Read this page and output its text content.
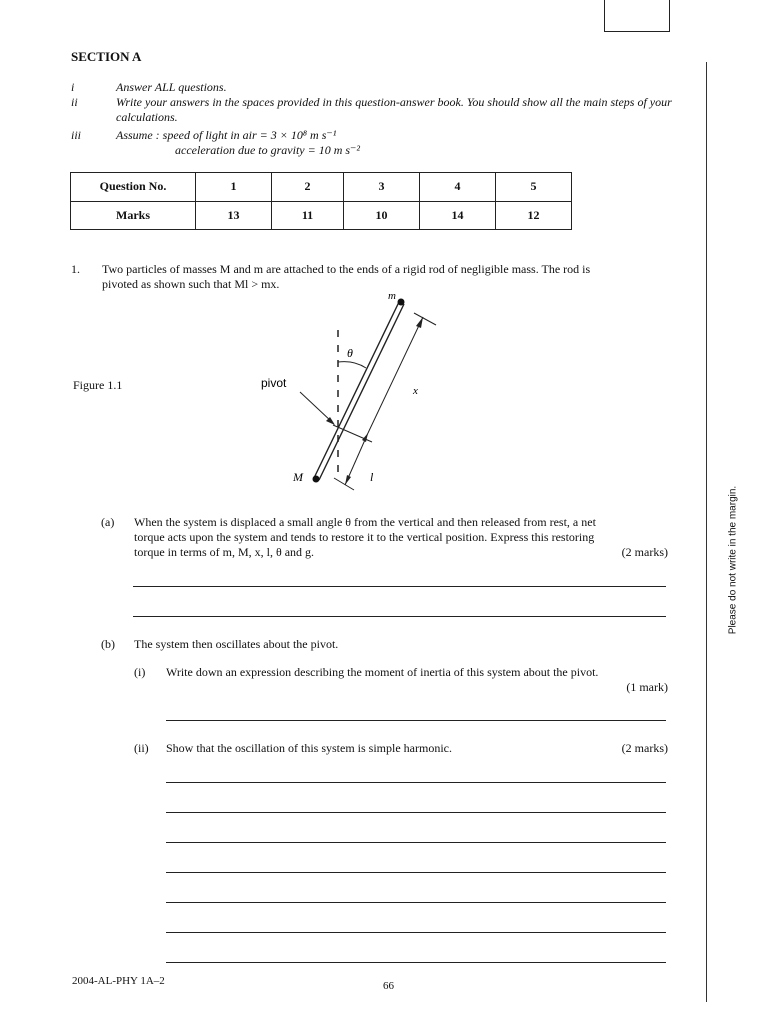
SECTION A
i	Answer ALL questions.
ii	Write your answers in the spaces provided in this question-answer book. You should show all the main steps of your calculations.
iii	Assume : speed of light in air = 3 × 10⁸ m s⁻¹
acceleration due to gravity = 10 m s⁻²
Question No.	1	2	3	4	5
Marks	13	11	10	14	12
1. Two particles of masses M and m are attached to the ends of a rigid rod of negligible mass. The rod is
pivoted as shown such that Ml > mx.
Figure 1.1
m
M
θ
x
l
pivot
(a) When the system is displaced a small angle θ from the vertical and then released from rest, a net
torque acts upon the system and tends to restore it to the vertical position. Express this restoring
torque in terms of m, M, x, l, θ and g.	(2 marks)
(b) The system then oscillates about the pivot.
(i) Write down an expression describing the moment of inertia of this system about the pivot.
(1 mark)
(ii) Show that the oscillation of this system is simple harmonic.	(2 marks)
Please do not write in the margin.
2004-AL-PHY 1A–2	66
